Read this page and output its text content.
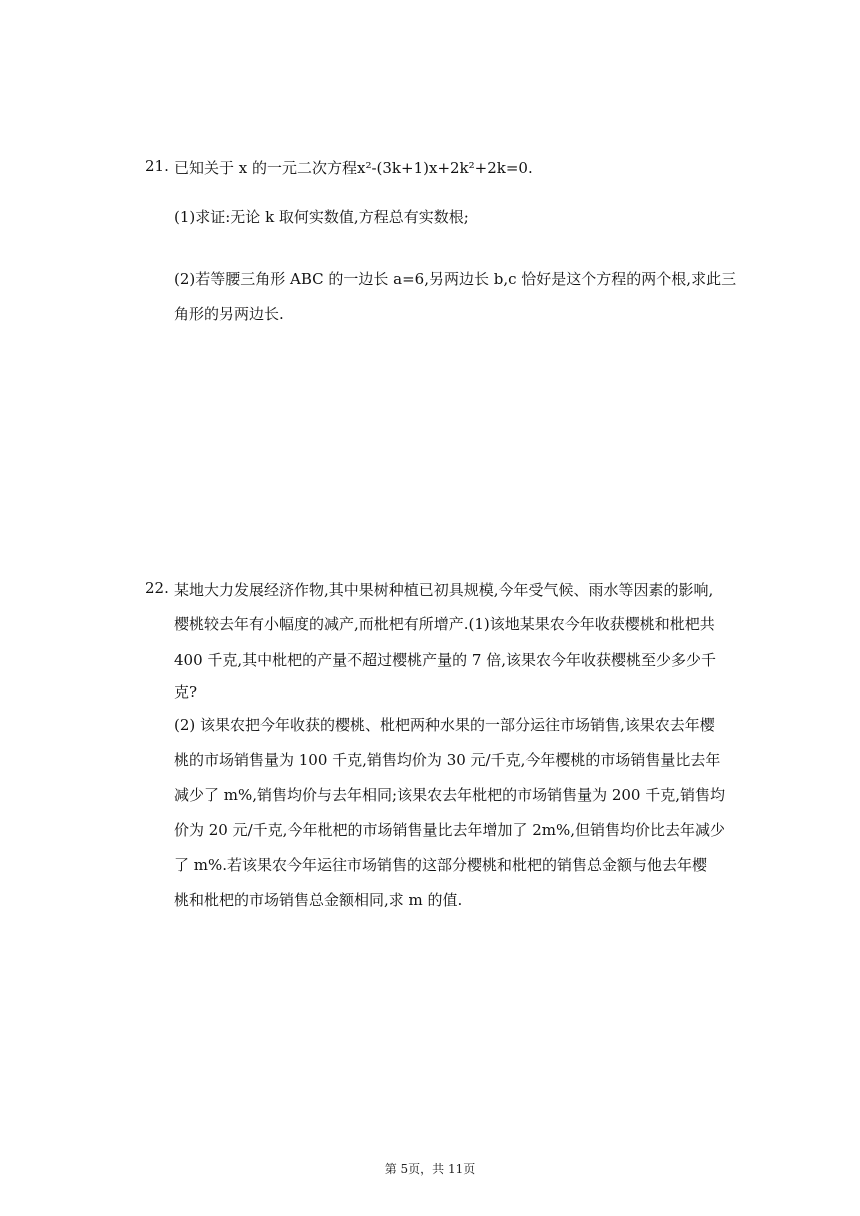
21. 已知关于 x 的一元二次方程x²-(3k+1)x+2k²+2k=0.
(1)求证:无论 k 取何实数值,方程总有实数根;
(2)若等腰三角形 ABC 的一边长 a=6,另两边长 b,c 恰好是这个方程的两个根,求此三
角形的另两边长.
22. 某地大力发展经济作物,其中果树种植已初具规模,今年受气候、雨水等因素的影响,
樱桃较去年有小幅度的减产,而枇杷有所增产.(1)该地某果农今年收获樱桃和枇杷共
400 千克,其中枇杷的产量不超过樱桃产量的 7 倍,该果农今年收获樱桃至少多少千
克?
(2) 该果农把今年收获的樱桃、枇杷两种水果的一部分运往市场销售,该果农去年樱
桃的市场销售量为 100 千克,销售均价为 30 元/千克,今年樱桃的市场销售量比去年
减少了 m%,销售均价与去年相同;该果农去年枇杷的市场销售量为 200 千克,销售均
价为 20 元/千克,今年枇杷的市场销售量比去年增加了 2m%,但销售均价比去年减少
了 m%.若该果农今年运往市场销售的这部分樱桃和枇杷的销售总金额与他去年樱
桃和枇杷的市场销售总金额相同,求 m 的值.
第 5页，共 11页
